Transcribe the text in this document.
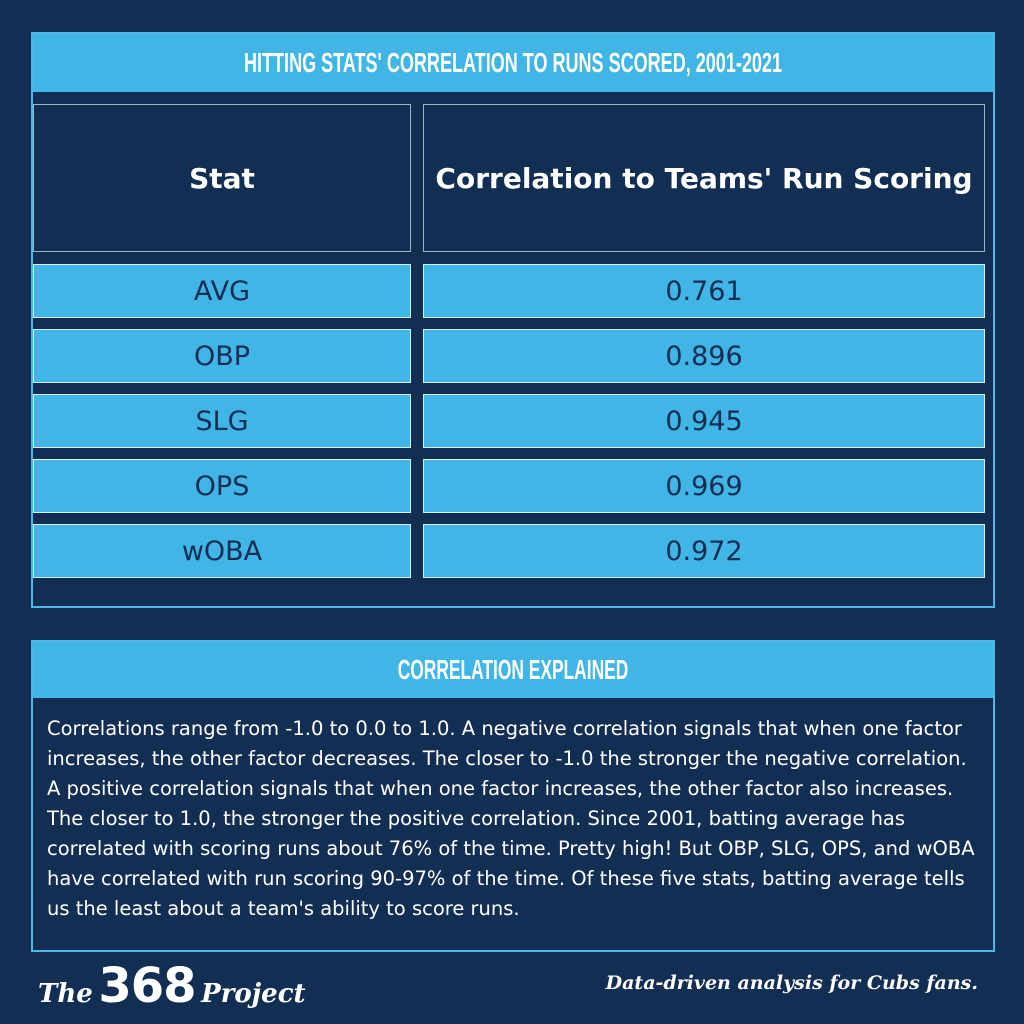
HITTING STATS' CORRELATION TO RUNS SCORED, 2001-2021
Stat	Correlation to Teams' Run Scoring
AVG	0.761
OBP	0.896
SLG	0.945
OPS	0.969
wOBA	0.972
CORRELATION EXPLAINED
Correlations range from -1.0 to 0.0 to 1.0. A negative correlation signals that when one factor increases, the other factor decreases. The closer to -1.0 the stronger the negative correlation. A positive correlation signals that when one factor increases, the other factor also increases. The closer to 1.0, the stronger the positive correlation. Since 2001, batting average has correlated with scoring runs about 76% of the time. Pretty high! But OBP, SLG, OPS, and wOBA have correlated with run scoring 90-97% of the time. Of these five stats, batting average tells us the least about a team's ability to score runs.
The 368 Project	Data-driven analysis for Cubs fans.
